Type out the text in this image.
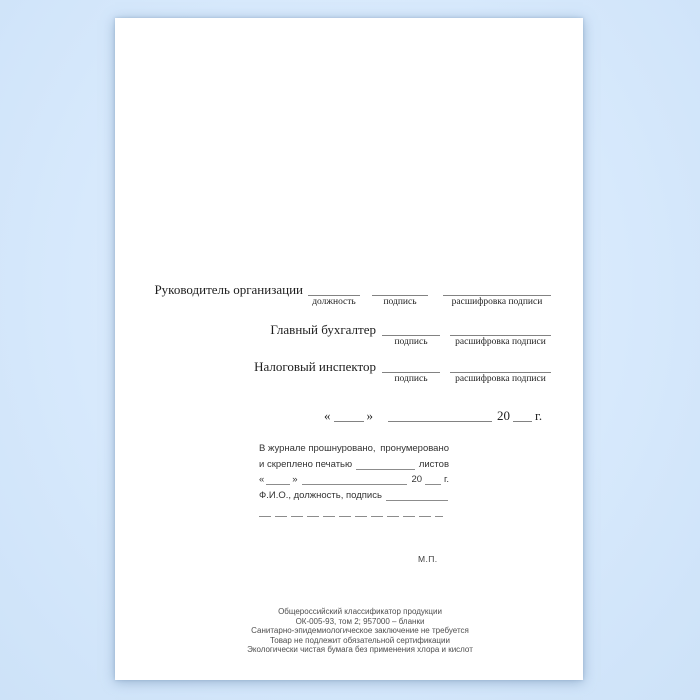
Руководитель организации
должность	подпись	расшифровка подписи
Главный бухгалтер
подпись	расшифровка подписи
Налоговый инспектор
подпись	расшифровка подписи
«	»	20 г.
В журнале прошнуровано, пронумеровано
и скреплено печатью	листов
«	»	20 г.
Ф.И.О., должность, подпись
М.П.
Общероссийский классификатор продукции
ОК-005-93, том 2; 957000 – бланки
Санитарно-эпидемиологическое заключение не требуется
Товар не подлежит обязательной сертификации
Экологически чистая бумага без применения хлора и кислот
